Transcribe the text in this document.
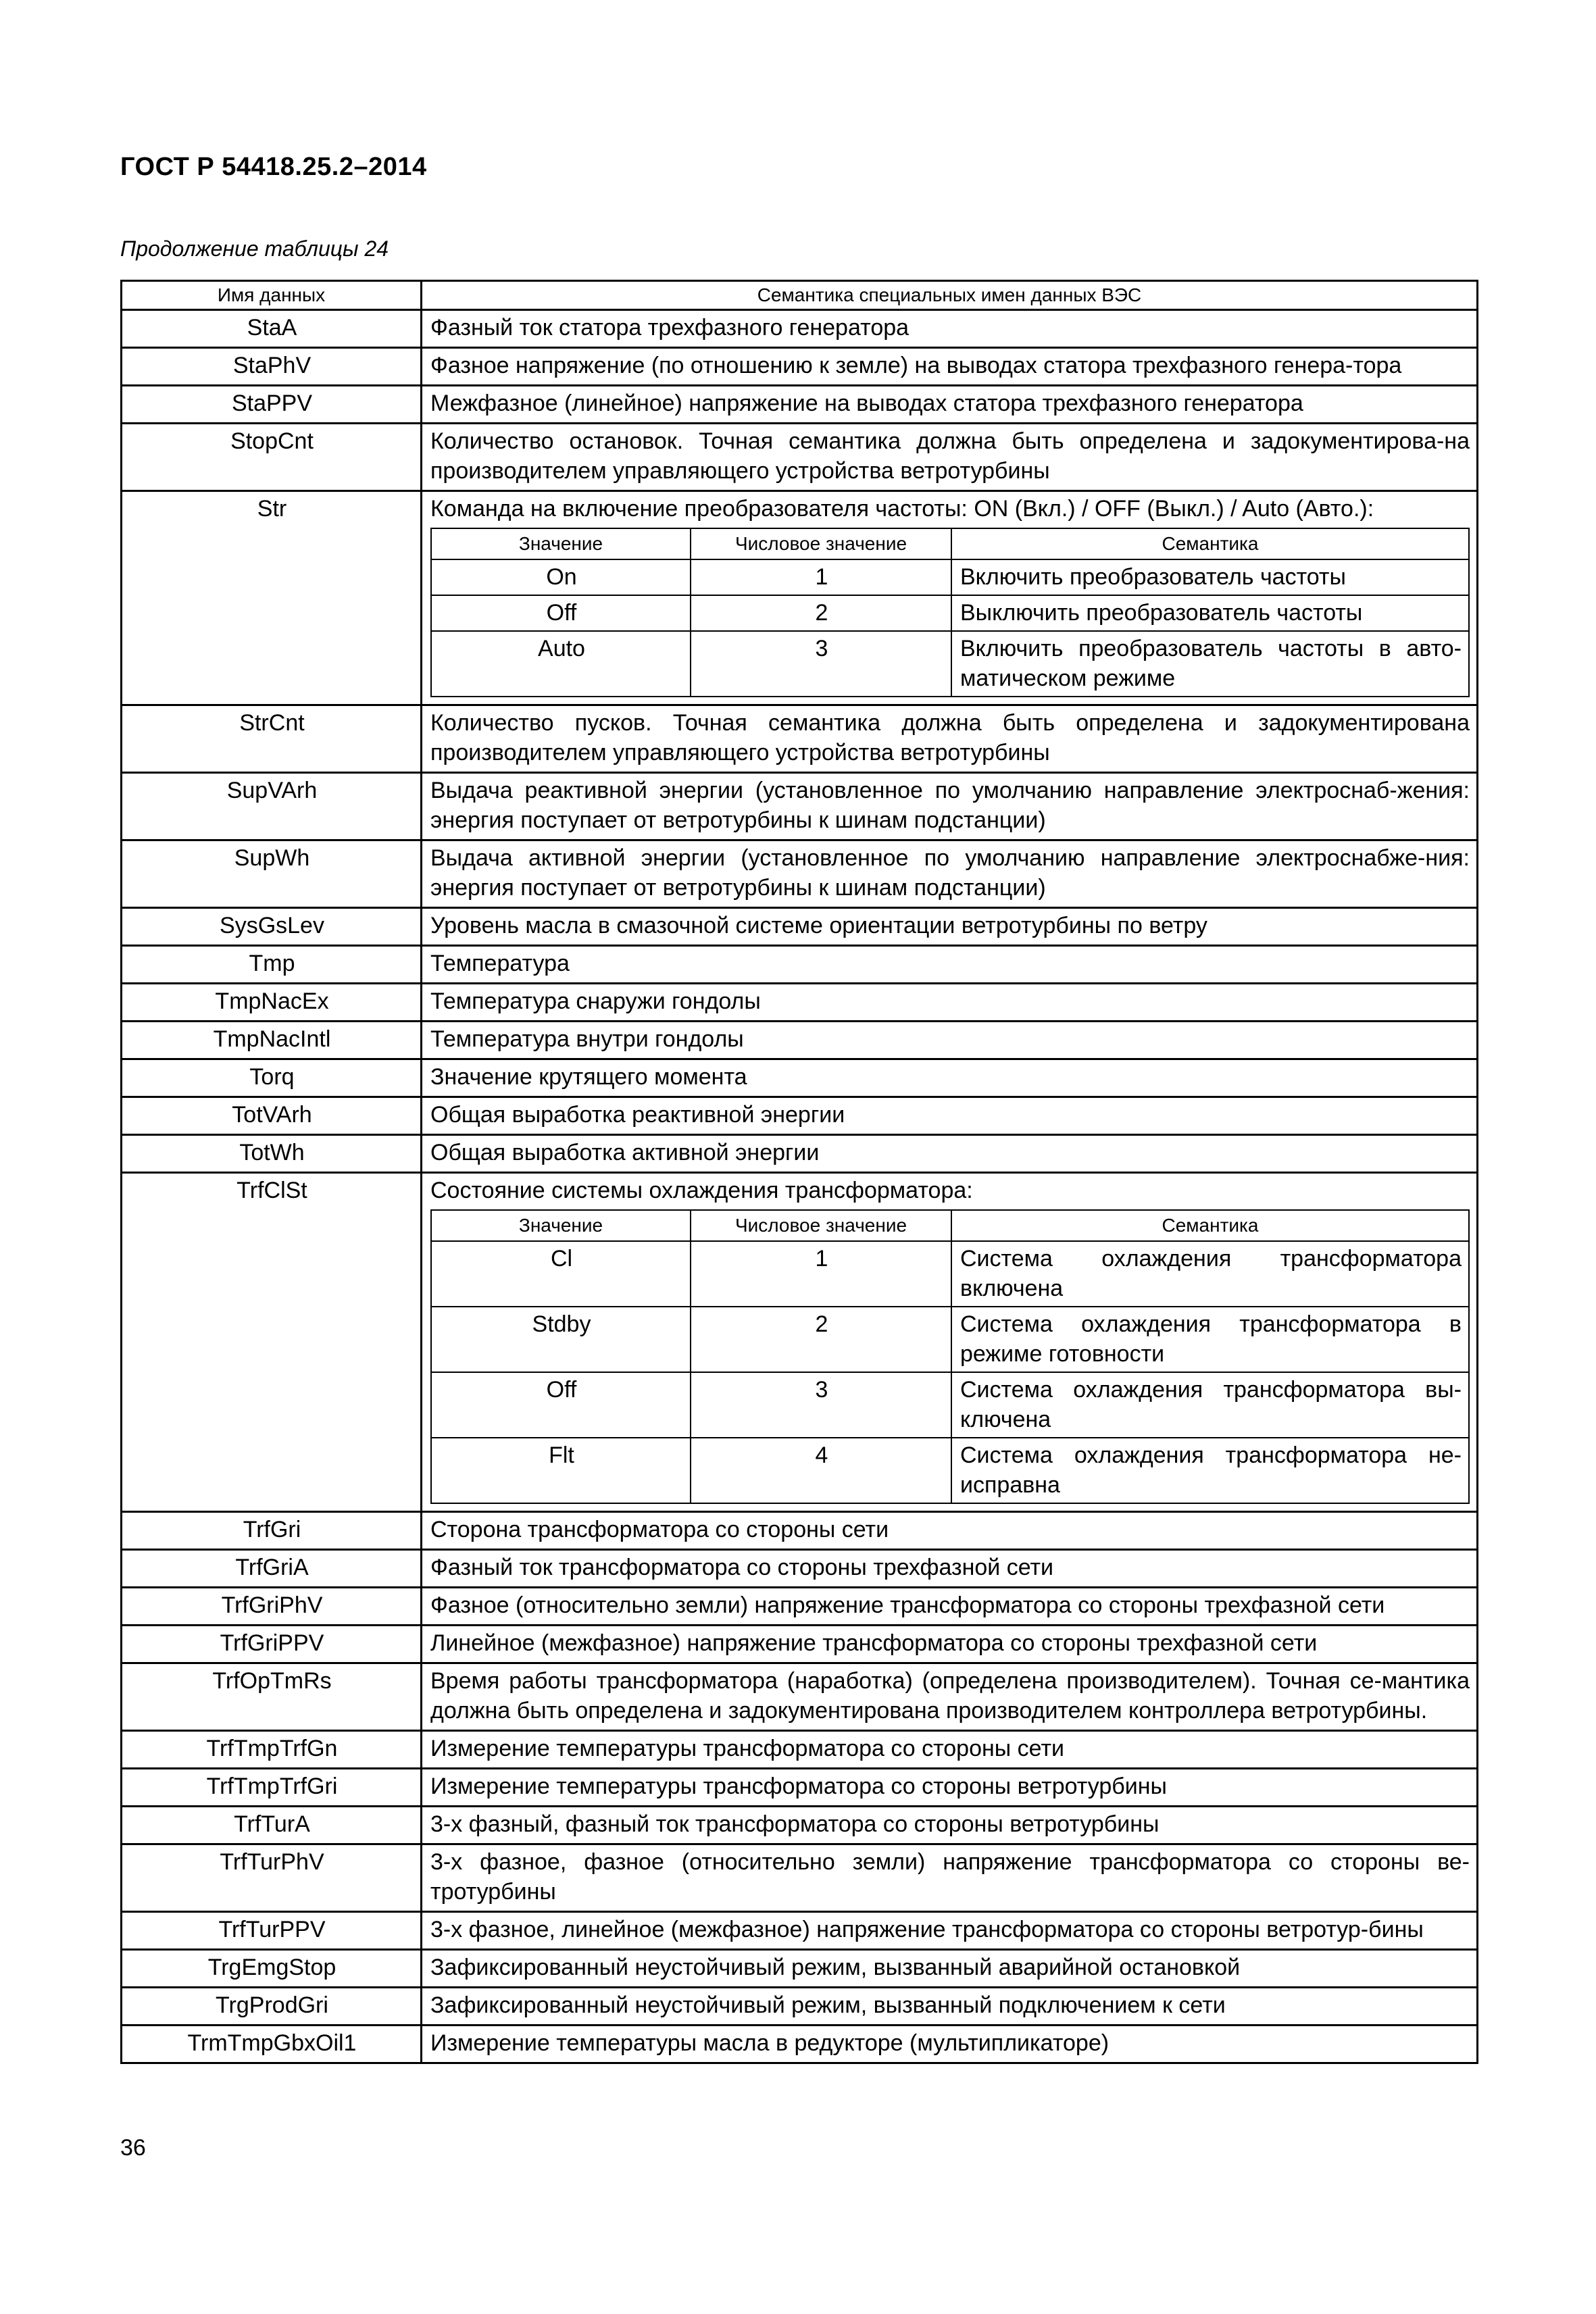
ГОСТ Р 54418.25.2–2014
Продолжение таблицы 24
Имя данных	Семантика специальных имен данных ВЭС
StaA	Фазный ток статора трехфазного генератора

StaPhV	Фазное напряжение (по отношению к земле) на выводах статора трехфазного генера-тора

StaPPV	Межфазное (линейное) напряжение на выводах статора трехфазного генератора

StopCnt	Количество остановок. Точная семантика должна быть определена и задокументирова-на производителем управляющего устройства ветротурбины

Str	Команда на включение преобразователя частоты: ON (Вкл.) / OFF (Выкл.) / Auto (Авто.):
Значение	Числовое значение	Семантика
On	1	Включить преобразователь частоты
Off	2	Выключить преобразователь частоты
Auto	3	Включить преобразователь частоты в авто-матическом режиме

StrCnt	Количество пусков. Точная семантика должна быть определена и задокументирована производителем управляющего устройства ветротурбины

SupVArh	Выдача реактивной энергии (установленное по умолчанию направление электроснаб-жения: энергия поступает от ветротурбины к шинам подстанции)

SupWh	Выдача активной энергии (установленное по умолчанию направление электроснабже-ния: энергия поступает от ветротурбины к шинам подстанции)

SysGsLev	Уровень масла в смазочной системе ориентации ветротурбины по ветру

Tmp	Температура

TmpNacEx	Температура снаружи гондолы

TmpNacIntl	Температура внутри гондолы

Torq	Значение крутящего момента

TotVArh	Общая выработка реактивной энергии

TotWh	Общая выработка активной энергии

TrfClSt	Состояние системы охлаждения трансформатора:
Значение	Числовое значение	Семантика
Cl	1	Система охлаждения трансформатора включена
Stdby	2	Система охлаждения трансформатора в режиме готовности
Off	3	Система охлаждения трансформатора вы-ключена
Flt	4	Система охлаждения трансформатора не-исправна

TrfGri	Сторона трансформатора со стороны сети

TrfGriA	Фазный ток трансформатора со стороны трехфазной сети

TrfGriPhV	Фазное (относительно земли) напряжение трансформатора со стороны трехфазной сети

TrfGriPPV	Линейное (межфазное) напряжение трансформатора со стороны трехфазной сети

TrfOpTmRs	Время работы трансформатора (наработка) (определена производителем). Точная се-мантика должна быть определена и задокументирована производителем контроллера ветротурбины.

TrfTmpTrfGn	Измерение температуры трансформатора со стороны сети

TrfTmpTrfGri	Измерение температуры трансформатора со стороны ветротурбины

TrfTurA	3-х фазный, фазный ток трансформатора со стороны ветротурбины

TrfTurPhV	3-х фазное, фазное (относительно земли) напряжение трансформатора со стороны ве-тротурбины

TrfTurPPV	3-х фазное, линейное (межфазное) напряжение трансформатора со стороны ветротур-бины

TrgEmgStop	Зафиксированный неустойчивый режим, вызванный аварийной остановкой

TrgProdGri	Зафиксированный неустойчивый режим, вызванный подключением к сети

TrmTmpGbxOil1	Измерение температуры масла в редукторе (мультипликаторе)
36
